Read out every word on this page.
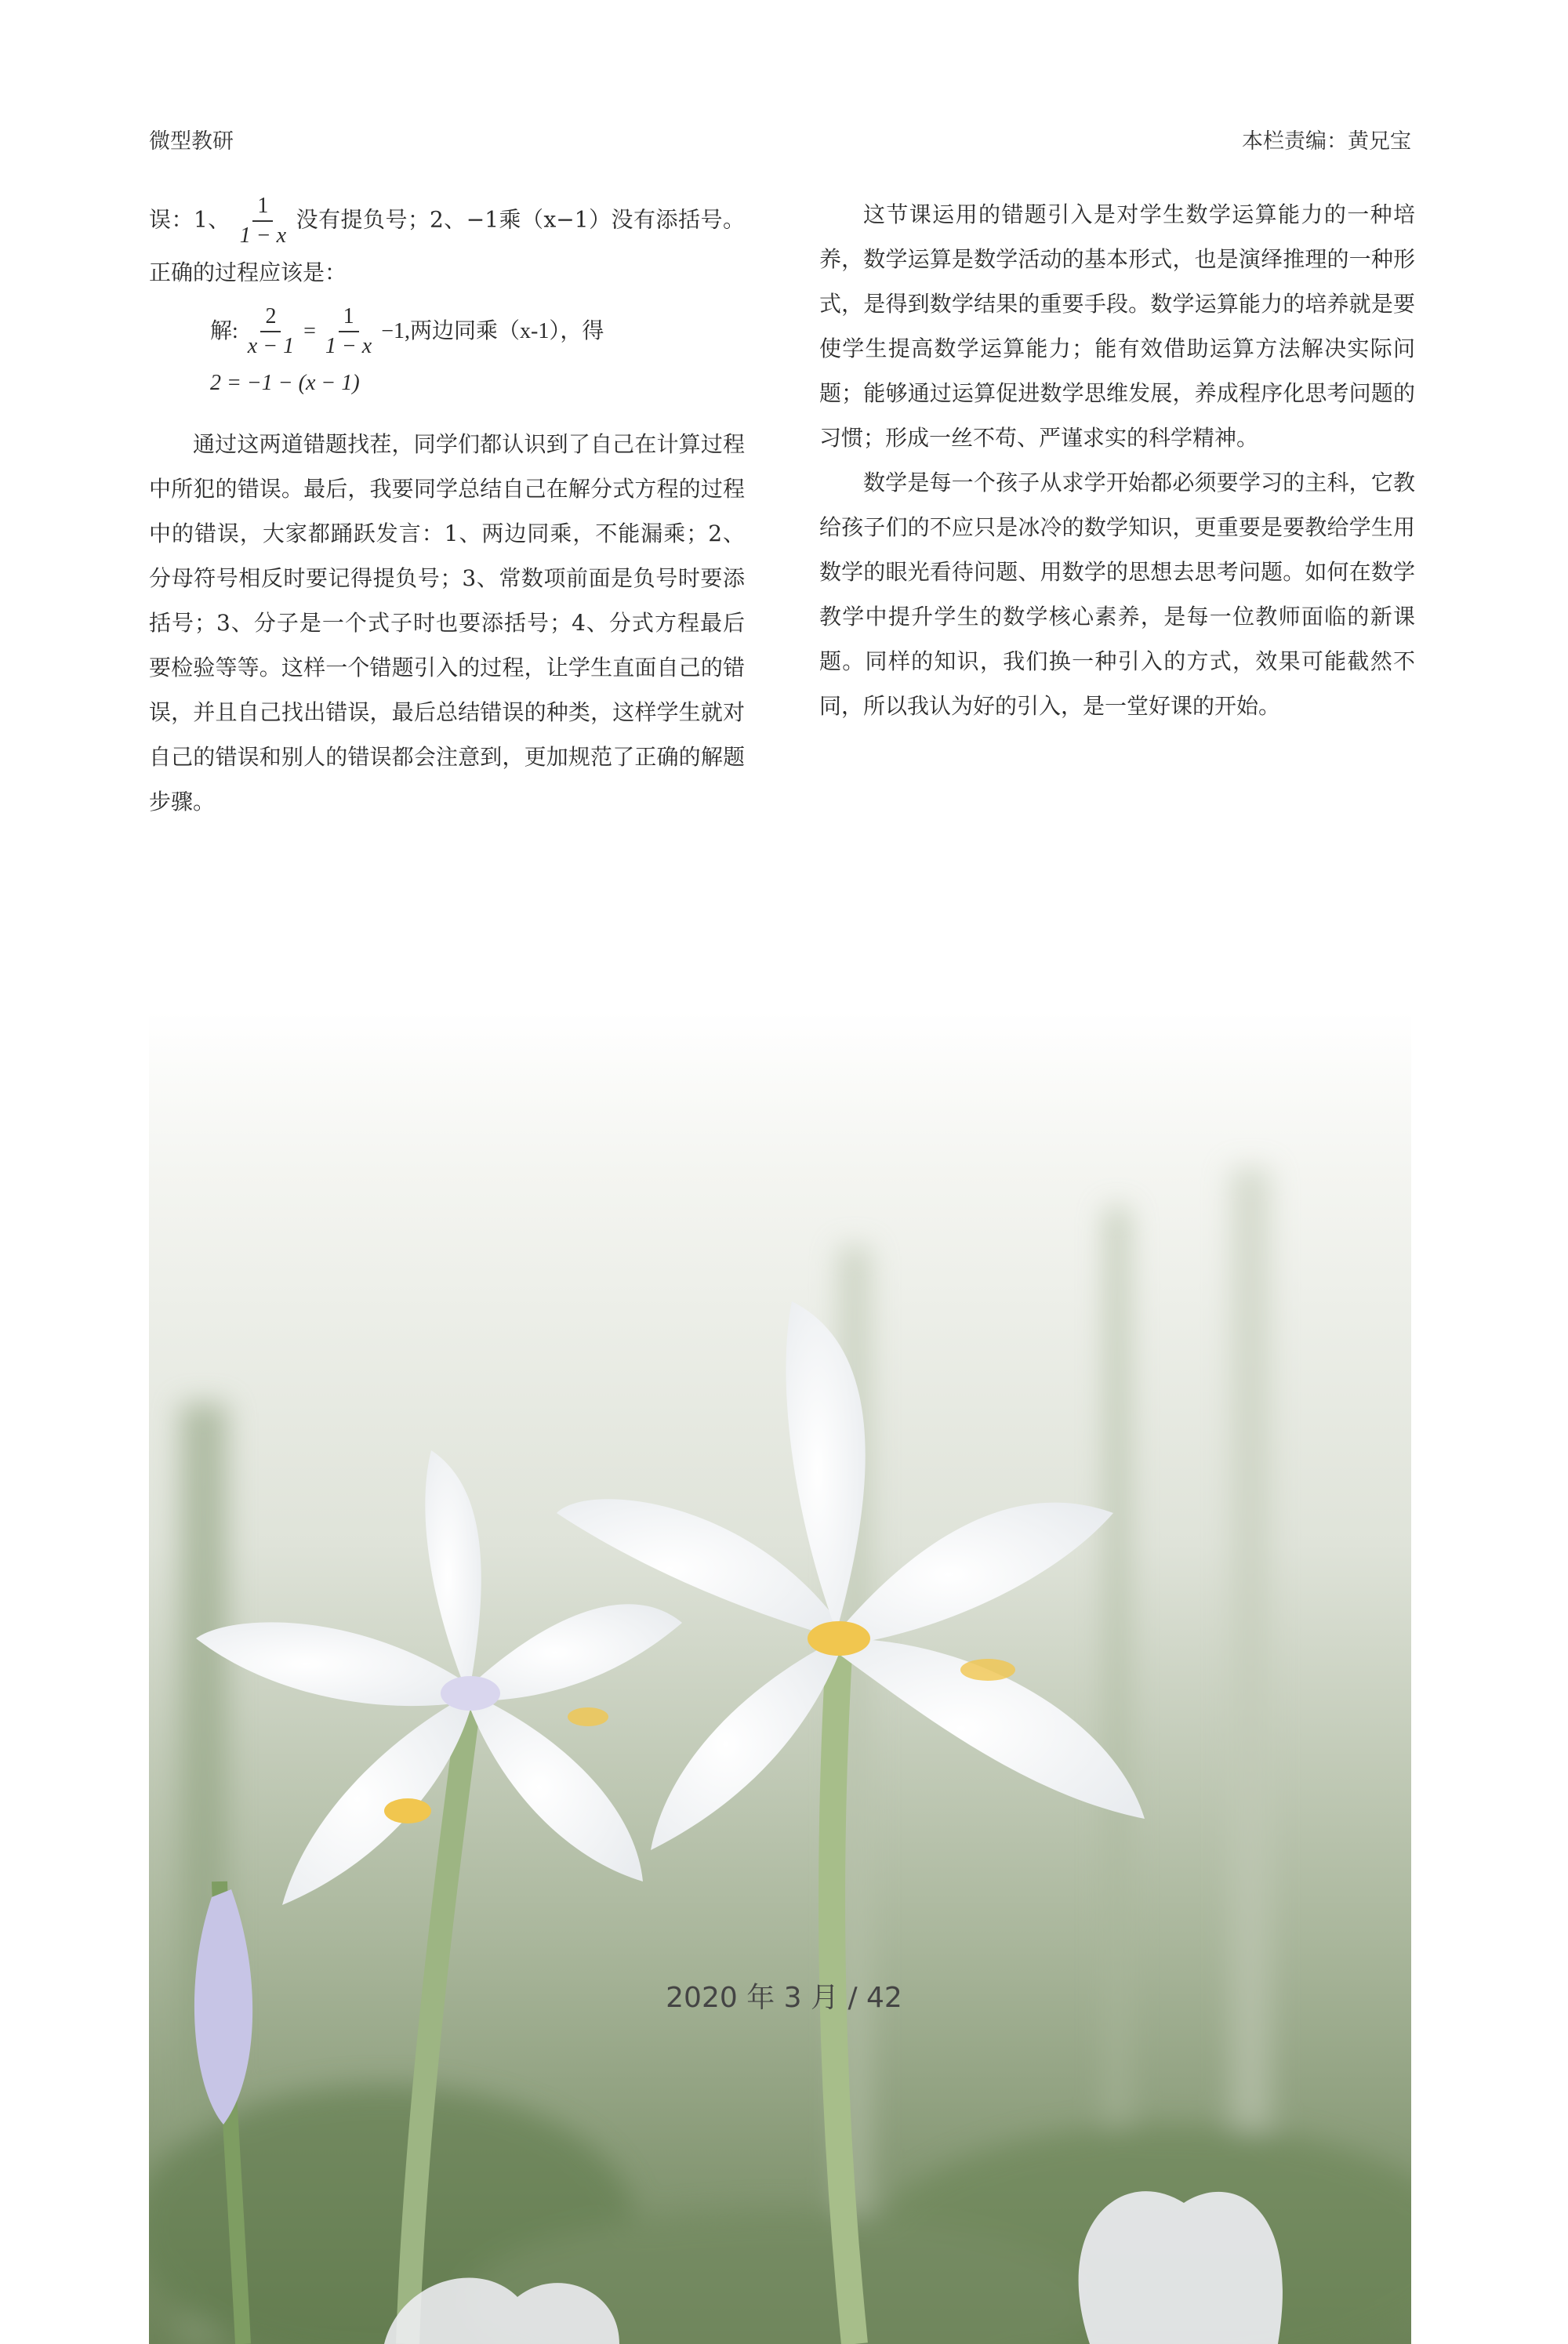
微型教研	本栏责编：黄兄宝

误：1、 $\frac{1}{1 - x}$ 没有提负号；2、−1乘（x−1）没有添括号。正确的过程应该是：

解: $\frac{2}{x - 1} = \frac{1}{1 - x} -1$,两边同乘（x-1），得
2 = −1 − (x − 1)

通过这两道错题找茬，同学们都认识到了自己在计算过程中所犯的错误。最后，我要同学总结自己在解分式方程的过程中的错误，大家都踊跃发言：1、两边同乘，不能漏乘；2、分母符号相反时要记得提负号；3、常数项前面是负号时要添括号；3、分子是一个式子时也要添括号；4、分式方程最后要检验等等。这样一个错题引入的过程，让学生直面自己的错误，并且自己找出错误，最后总结错误的种类，这样学生就对自己的错误和别人的错误都会注意到，更加规范了正确的解题步骤。

这节课运用的错题引入是对学生数学运算能力的一种培养，数学运算是数学活动的基本形式，也是演绎推理的一种形式，是得到数学结果的重要手段。数学运算能力的培养就是要使学生提高数学运算能力；能有效借助运算方法解决实际问题；能够通过运算促进数学思维发展，养成程序化思考问题的习惯；形成一丝不苟、严谨求实的科学精神。

数学是每一个孩子从求学开始都必须要学习的主科，它教给孩子们的不应只是冰冷的数学知识，更重要是要教给学生用数学的眼光看待问题、用数学的思想去思考问题。如何在数学教学中提升学生的数学核心素养，是每一位教师面临的新课题。同样的知识，我们换一种引入的方式，效果可能截然不同，所以我认为好的引入，是一堂好课的开始。

2020 年 3 月 / 42
